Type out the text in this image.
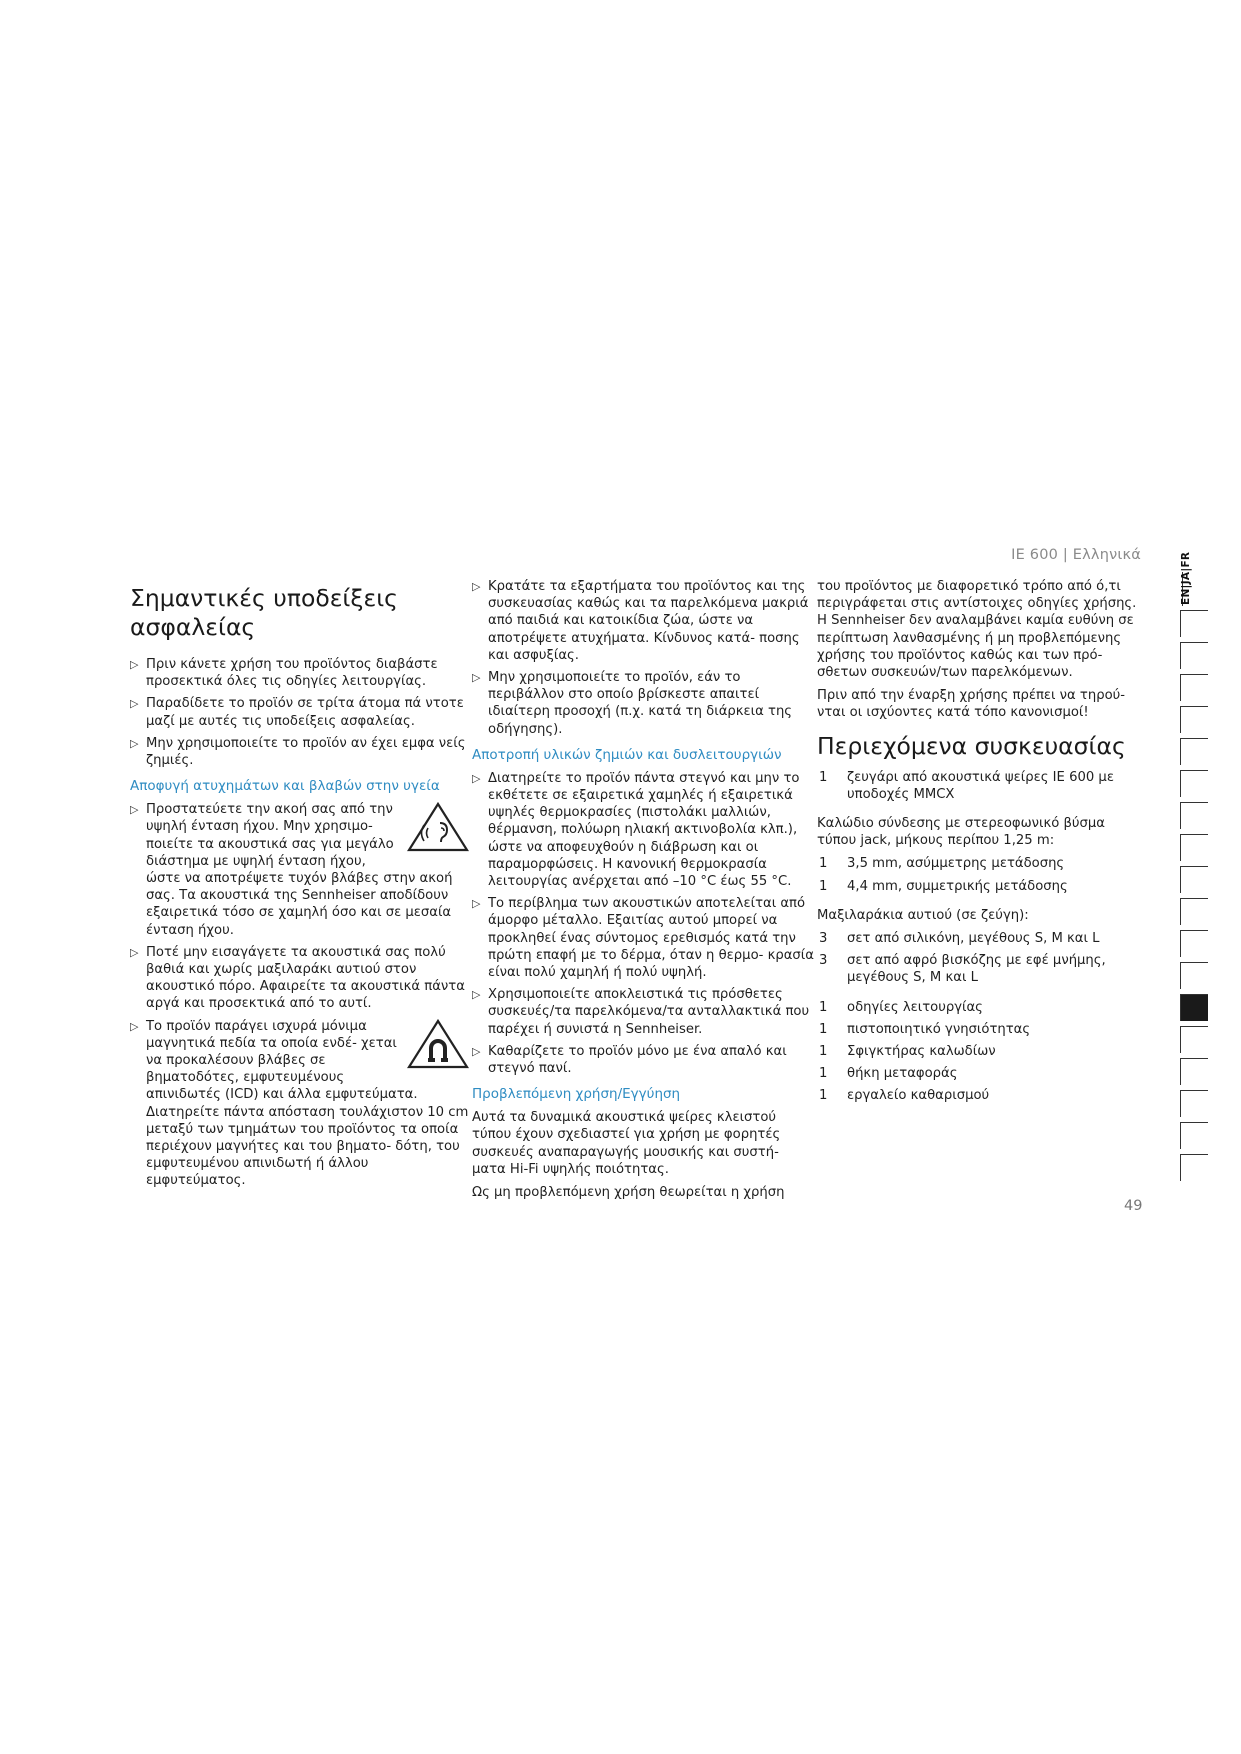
IE 600 | Ελληνικά
Σημαντικές υποδείξεις ασφαλείας
▷ Πριν κάνετε χρήση του προϊόντος διαβάστε προσεκτικά όλες τις οδηγίες λειτουργίας.
▷ Παραδίδετε το προϊόν σε τρίτα άτομα πά ντοτε μαζί με αυτές τις υποδείξεις ασφαλείας.
▷ Μην χρησιμοποιείτε το προϊόν αν έχει εμφα νείς ζημιές.
Αποφυγή ατυχημάτων και βλαβών στην υγεία
▷ Προστατεύετε την ακοή σας από την υψηλή ένταση ήχου. Μην χρησιμο- ποιείτε τα ακουστικά σας για μεγάλο διάστημα με υψηλή ένταση ήχου, ώστε να αποτρέψετε τυχόν βλάβες στην ακοή σας. Τα ακουστικά της Sennheiser αποδίδουν εξαιρετικά τόσο σε χαμηλή όσο και σε μεσαία ένταση ήχου.
▷ Ποτέ μην εισαγάγετε τα ακουστικά σας πολύ βαθιά και χωρίς μαξιλαράκι αυτιού στον ακουστικό πόρο. Αφαιρείτε τα ακουστικά πάντα αργά και προσεκτικά από το αυτί.
▷ Το προϊόν παράγει ισχυρά μόνιμα μαγνητικά πεδία τα οποία ενδέ- χεται να προκαλέσουν βλάβες σε βηματοδότες, εμφυτευμένους απινιδωτές (ICD) και άλλα εμφυτεύματα. Διατηρείτε πάντα απόσταση τουλάχιστον 10 cm μεταξύ των τμημάτων του προϊόντος τα οποία περιέχουν μαγνήτες και του βηματο- δότη, του εμφυτευμένου απινιδωτή ή άλλου εμφυτεύματος.
▷ Κρατάτε τα εξαρτήματα του προϊόντος και της συσκευασίας καθώς και τα παρελκόμενα μακριά από παιδιά και κατοικίδια ζώα, ώστε να αποτρέψετε ατυχήματα. Κίνδυνος κατά- ποσης και ασφυξίας.
▷ Μην χρησιμοποιείτε το προϊόν, εάν το περιβάλλον στο οποίο βρίσκεστε απαιτεί ιδιαίτερη προσοχή (π.χ. κατά τη διάρκεια της οδήγησης).
Αποτροπή υλικών ζημιών και δυσλειτουργιών
▷ Διατηρείτε το προϊόν πάντα στεγνό και μην το εκθέτετε σε εξαιρετικά χαμηλές ή εξαιρετικά υψηλές θερμοκρασίες (πιστολάκι μαλλιών, θέρμανση, πολύωρη ηλιακή ακτινοβολία κλπ.), ώστε να αποφευχθούν η διάβρωση και οι παραμορφώσεις. Η κανονική θερμοκρασία λειτουργίας ανέρχεται από –10 °C έως 55 °C.
▷ Το περίβλημα των ακουστικών αποτελείται από άμορφο μέταλλο. Εξαιτίας αυτού μπορεί να προκληθεί ένας σύντομος ερεθισμός κατά την πρώτη επαφή με το δέρμα, όταν η θερμο- κρασία είναι πολύ χαμηλή ή πολύ υψηλή.
▷ Χρησιμοποιείτε αποκλειστικά τις πρόσθετες συσκευές/τα παρελκόμενα/τα ανταλλακτικά που παρέχει ή συνιστά η Sennheiser.
▷ Καθαρίζετε το προϊόν μόνο με ένα απαλό και στεγνό πανί.
Προβλεπόμενη χρήση/Εγγύηση

Αυτά τα δυναμικά ακουστικά ψείρες κλειστού τύπου έχουν σχεδιαστεί για χρήση με φορητές συσκευές αναπαραγωγής μουσικής και συστή- ματα Hi-Fi υψηλής ποιότητας.

Ως μη προβλεπόμενη χρήση θεωρείται η χρήση

του προϊόντος με διαφορετικό τρόπο από ό,τι περιγράφεται στις αντίστοιχες οδηγίες χρήσης. Η Sennheiser δεν αναλαμβάνει καμία ευθύνη σε περίπτωση λανθασμένης ή μη προβλεπόμενης χρήσης του προϊόντος καθώς και των πρό- σθετων συσκευών/των παρελκόμενων.

Πριν από την έναρξη χρήσης πρέπει να τηρού- νται οι ισχύοντες κατά τόπο κανονισμοί!

Περιεχόμενα συσκευασίας
1 ζευγάρι από ακουστικά ψείρες IE 600 με υποδοχές MMCX

Καλώδιο σύνδεσης με στερεοφωνικό βύσμα τύπου jack, μήκους περίπου 1,25 m:

1 3,5 mm, ασύμμετρης μετάδοσης
1 4,4 mm, συμμετρικής μετάδοσης

Μαξιλαράκια αυτιού (σε ζεύγη):

3 σετ από σιλικόνη, μεγέθους S, M και L
3 σετ από αφρό βισκόζης με εφέ μνήμης, μεγέθους S, M και L
1 οδηγίες λειτουργίας
1 πιστοποιητικό γνησιότητας
1 Σφιγκτήρας καλωδίων
1 θήκη μεταφοράς
1 εργαλείο καθαρισμού
EN|JA|FR
49
